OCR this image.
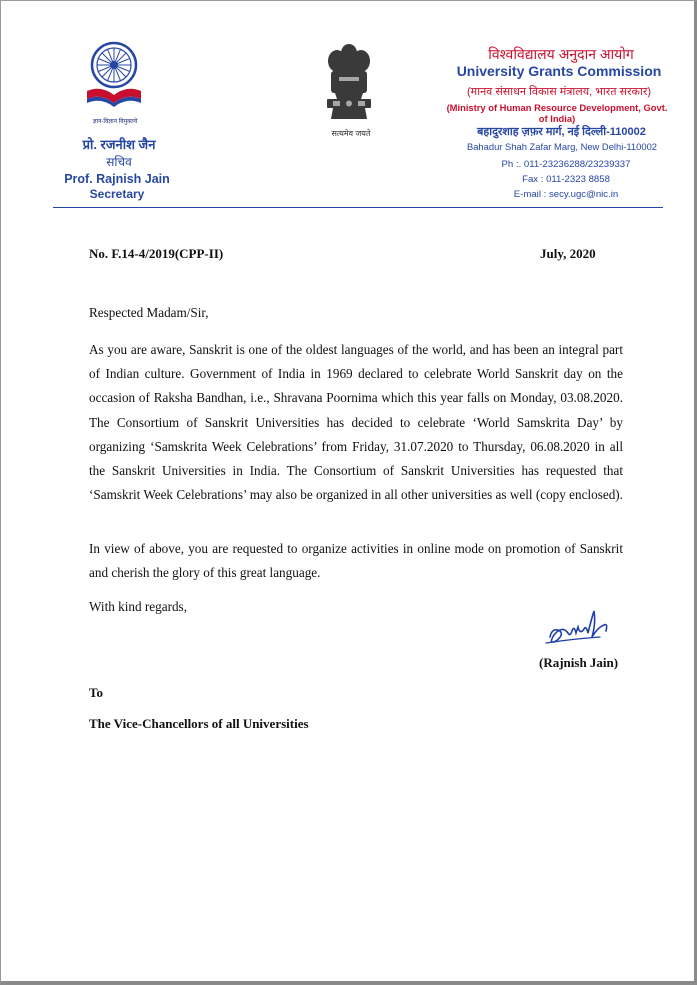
ज्ञान-विज्ञान विमुक्तये
प्रो. रजनीश जैन
सचिव
Prof. Rajnish Jain
Secretary
सत्यमेव जयते
विश्वविद्यालय अनुदान आयोग
University Grants Commission
(मानव संसाधन विकास मंत्रालय, भारत सरकार)
(Ministry of Human Resource Development, Govt. of India)
बहादुरशाह ज़फ़र मार्ग, नई दिल्ली-110002
Bahadur Shah Zafar Marg, New Delhi-110002
Ph :. 011-23236288/23239337
Fax : 011-2323 8858
E-mail : secy.ugc@nic.in
No. F.14-4/2019(CPP-II)	July, 2020
Respected Madam/Sir,
As you are aware, Sanskrit is one of the oldest languages of the world, and has been an integral part of Indian culture. Government of India in 1969 declared to celebrate World Sanskrit day on the occasion of Raksha Bandhan, i.e., Shravana Poornima which this year falls on Monday, 03.08.2020. The Consortium of Sanskrit Universities has decided to celebrate ‘World Samskrita Day’ by organizing ‘Samskrita Week Celebrations’ from Friday, 31.07.2020 to Thursday, 06.08.2020 in all the Sanskrit Universities in India. The Consortium of Sanskrit Universities has requested that ‘Samskrit Week Celebrations’ may also be organized in all other universities as well (copy enclosed).
In view of above, you are requested to organize activities in online mode on promotion of Sanskrit and cherish the glory of this great language.
With kind regards,
(Rajnish Jain)
To
The Vice-Chancellors of all Universities
